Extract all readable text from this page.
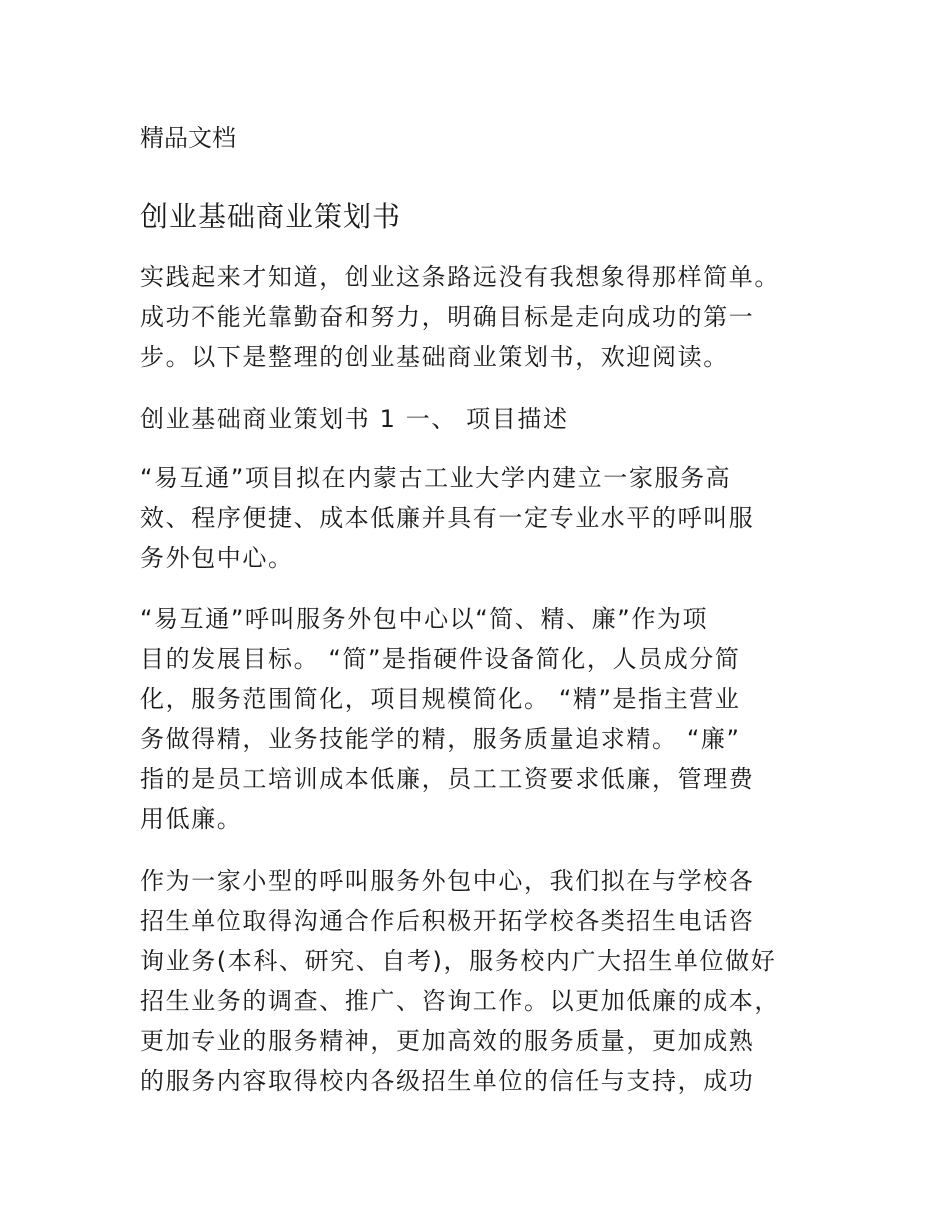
精品文档
创业基础商业策划书
实践起来才知道，创业这条路远没有我想象得那样简单。
成功不能光靠勤奋和努力，明确目标是走向成功的第一
步。以下是整理的创业基础商业策划书，欢迎阅读。
创业基础商业策划书 1 一、 项目描述
“易互通”项目拟在内蒙古工业大学内建立一家服务高
效、程序便捷、成本低廉并具有一定专业水平的呼叫服
务外包中心。
“易互通”呼叫服务外包中心以“简、精、廉”作为项
目的发展目标。 “简”是指硬件设备简化，人员成分简
化，服务范围简化，项目规模简化。 “精”是指主营业
务做得精，业务技能学的精，服务质量追求精。 “廉”
指的是员工培训成本低廉，员工工资要求低廉，管理费
用低廉。
作为一家小型的呼叫服务外包中心，我们拟在与学校各
招生单位取得沟通合作后积极开拓学校各类招生电话咨
询业务(本科、研究、自考)，服务校内广大招生单位做好
招生业务的调查、推广、咨询工作。以更加低廉的成本，
更加专业的服务精神，更加高效的服务质量，更加成熟
的服务内容取得校内各级招生单位的信任与支持，成功
